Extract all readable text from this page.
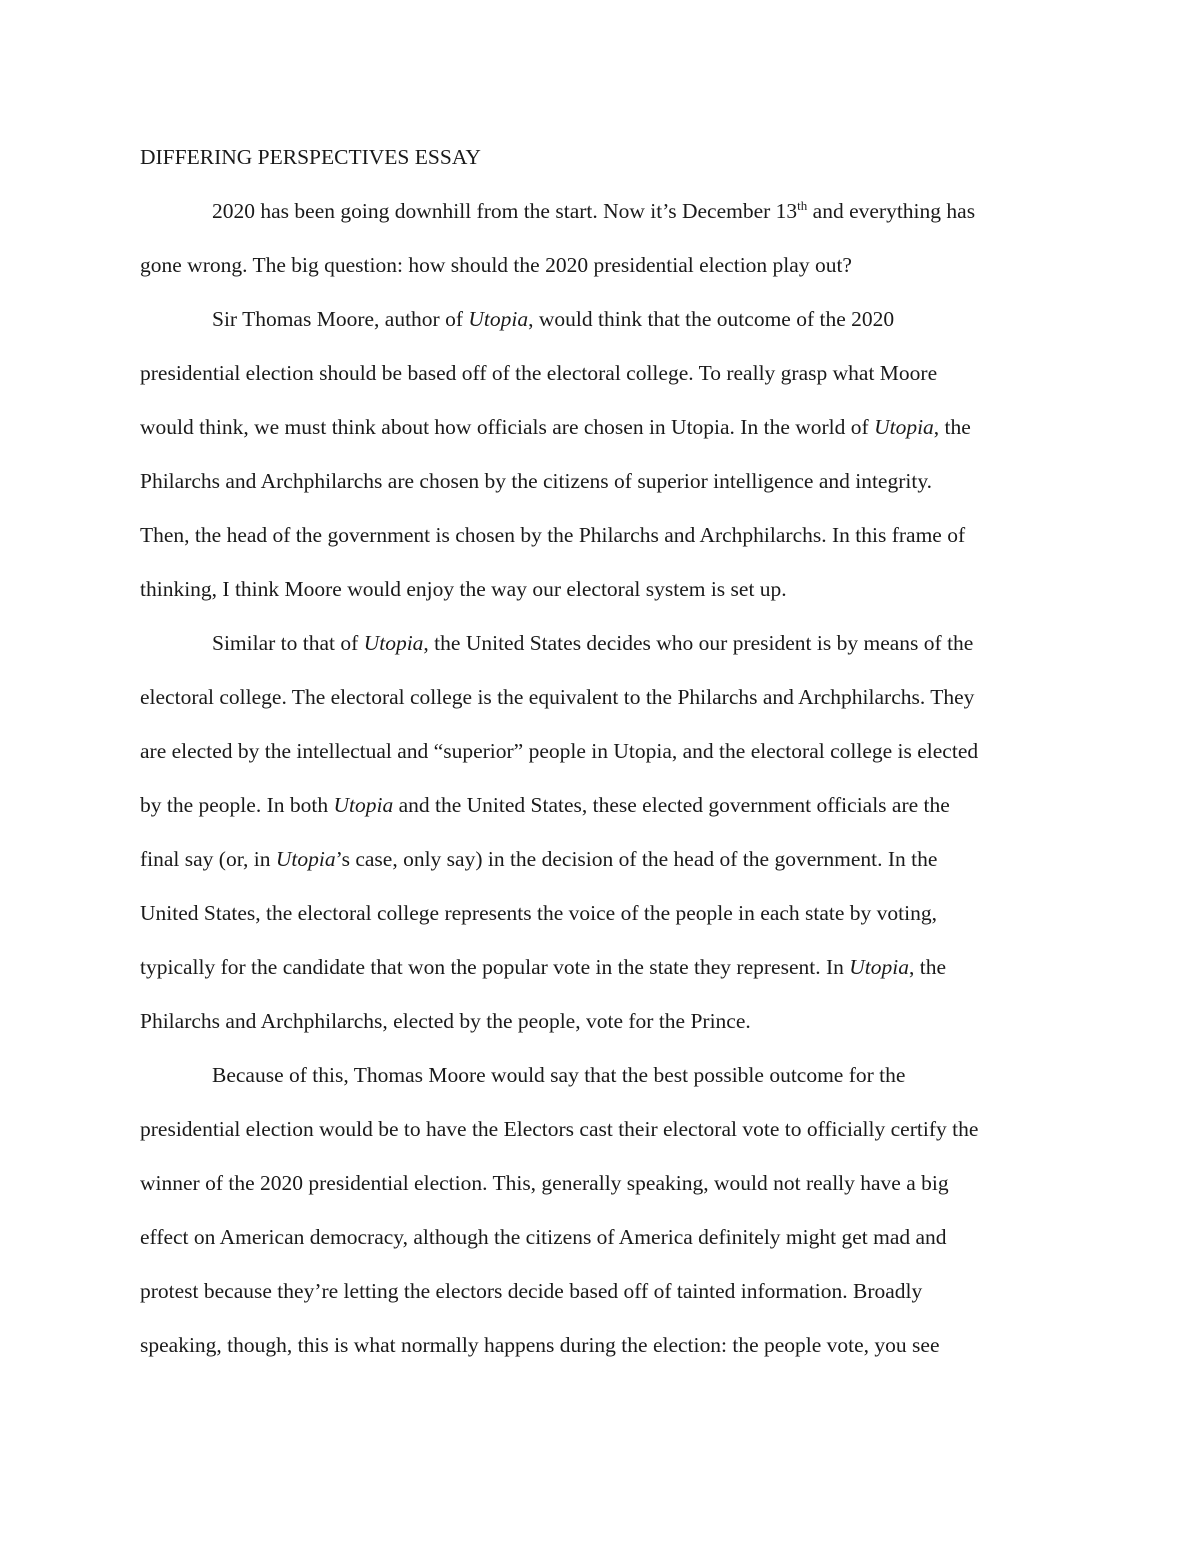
DIFFERING PERSPECTIVES ESSAY
2020 has been going downhill from the start. Now it’s December 13th and everything has
gone wrong. The big question: how should the 2020 presidential election play out?
Sir Thomas Moore, author of Utopia, would think that the outcome of the 2020
presidential election should be based off of the electoral college. To really grasp what Moore
would think, we must think about how officials are chosen in Utopia. In the world of Utopia, the
Philarchs and Archphilarchs are chosen by the citizens of superior intelligence and integrity.
Then, the head of the government is chosen by the Philarchs and Archphilarchs. In this frame of
thinking, I think Moore would enjoy the way our electoral system is set up.
Similar to that of Utopia, the United States decides who our president is by means of the
electoral college. The electoral college is the equivalent to the Philarchs and Archphilarchs. They
are elected by the intellectual and “superior” people in Utopia, and the electoral college is elected
by the people. In both Utopia and the United States, these elected government officials are the
final say (or, in Utopia’s case, only say) in the decision of the head of the government. In the
United States, the electoral college represents the voice of the people in each state by voting,
typically for the candidate that won the popular vote in the state they represent. In Utopia, the
Philarchs and Archphilarchs, elected by the people, vote for the Prince.
Because of this, Thomas Moore would say that the best possible outcome for the
presidential election would be to have the Electors cast their electoral vote to officially certify the
winner of the 2020 presidential election. This, generally speaking, would not really have a big
effect on American democracy, although the citizens of America definitely might get mad and
protest because they’re letting the electors decide based off of tainted information. Broadly
speaking, though, this is what normally happens during the election: the people vote, you see
